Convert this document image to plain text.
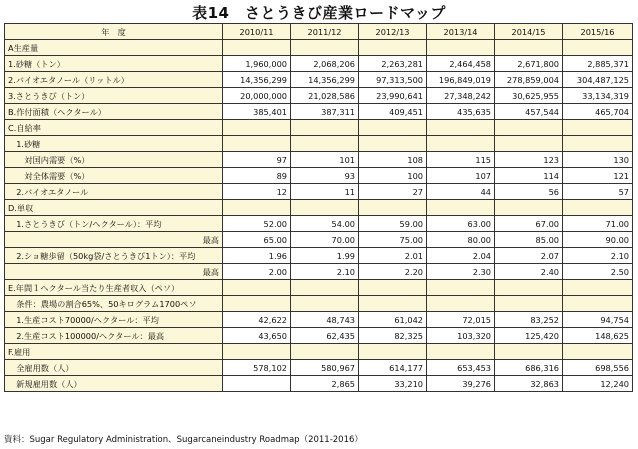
表14　さとうきび産業ロードマップ
年　度	2010/11	2011/12	2012/13	2013/14	2014/15	2015/16
A生産量						
1.砂糖（トン）	1,960,000	2,068,206	2,263,281	2,464,458	2,671,800	2,885,371
2.バイオエタノール（リットル）	14,356,299	14,356,299	97,313,500	196,849,019	278,859,004	304,487,125
3.さとうきび（トン）	20,000,000	21,028,586	23,990,641	27,348,242	30,625,955	33,134,319
B.作付面積（ヘクタール）	385,401	387,311	409,451	435,635	457,544	465,704
C.自給率						
　1.砂糖						
　　対国内需要（%）	97	101	108	115	123	130
　　対全体需要（%）	89	93	100	107	114	121
　2.バイオエタノール	12	11	27	44	56	57
D.単収						
　1.さとうきび（トン/ヘクタール）：平均	52.00	54.00	59.00	63.00	67.00	71.00
最高	65.00	70.00	75.00	80.00	85.00	90.00
　2.ショ糖歩留（50kg袋/さとうきび1トン）：平均	1.96	1.99	2.01	2.04	2.07	2.10
最高	2.00	2.10	2.20	2.30	2.40	2.50
E.年間１ヘクタール当たり生産者収入（ペソ）						
　条件：農場の割合65%、50キログラム1700ペソ						
　1.生産コスト70000/ヘクタール：平均	42,622	48,743	61,042	72,015	83,252	94,754
　2.生産コスト100000/ヘクタール：最高	43,650	62,435	82,325	103,320	125,420	148,625
F.雇用						
　全雇用数（人）	578,102	580,967	614,177	653,453	686,316	698,556
　新規雇用数（人）		2,865	33,210	39,276	32,863	12,240
資料：Sugar Regulatory Administration、Sugarcaneindustry Roadmap（2011-2016）
